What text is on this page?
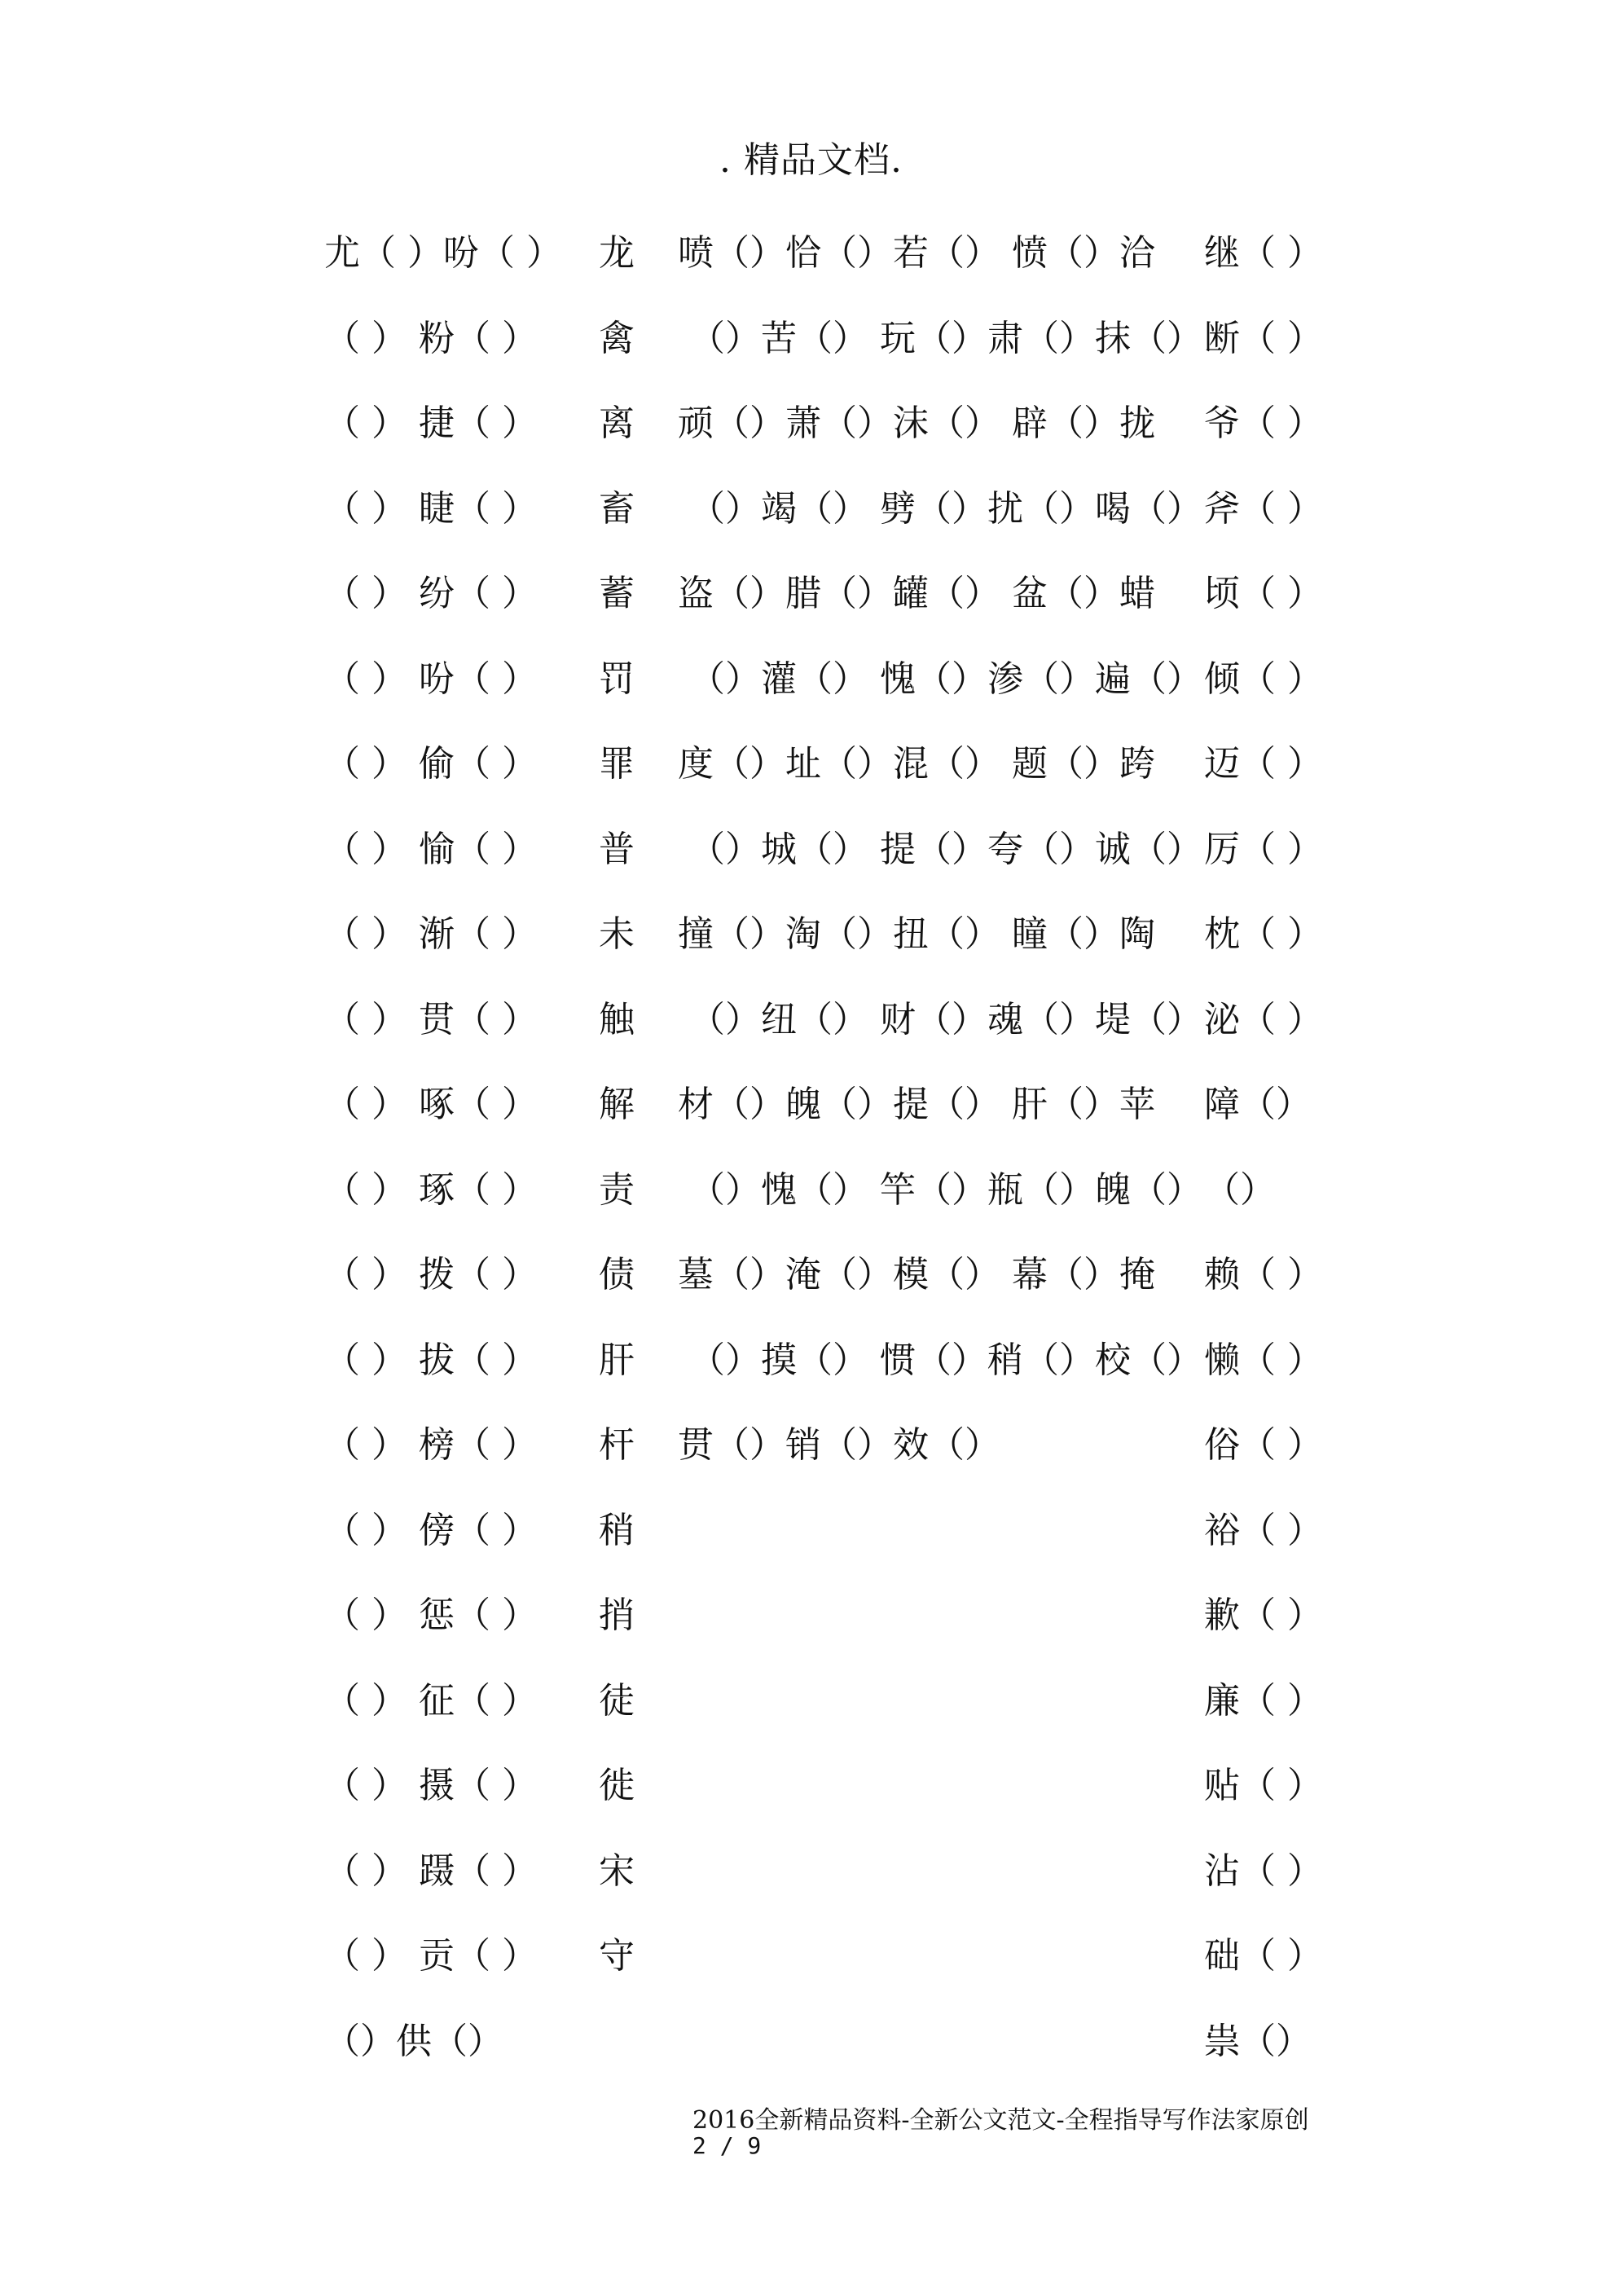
. 精品文档.
尤（ ）吩（ ）
（ ） 粉（ ）
（ ） 捷（ ）
（ ） 睫（ ）
（ ） 纷（ ）
（ ） 吩（ ）
（ ） 偷（ ）
（ ） 愉（ ）
（ ） 渐（ ）
（ ） 贯（ ）
（ ） 啄（ ）
（ ） 琢（ ）
（ ） 拨（ ）
（ ） 拔（ ）
（ ） 榜（ ）
（ ） 傍（ ）
（ ） 惩（ ）
（ ） 征（ ）
（ ） 摄（ ）
（ ） 蹑（ ）
（ ） 贡（ ）
（）供（）
龙
禽
离
畜
蓄
罚
罪
普
未
触
解
责
债
肝
杆
稍
捎
徒
徙
宋
守
喷（）恰（）若（） 愤（）洽
（）苦（） 玩（）肃（）抹（）
顽（）萧（）沫（） 辟（）拢
（）竭（） 劈（）扰（）喝（）
盗（）腊（）罐（） 盆（）蜡
（）灌（） 愧（）渗（）遍（）
度（）址（）混（） 题（）跨
（）城（） 提（）夸（）诚（）
撞（）淘（）扭（） 瞳（）陶
（）纽（） 财（）魂（）堤（）
材（）魄（）提（） 肝（）苹
（）愧（） 竿（）瓶（）魄（）
墓（）淹（）模（） 幕（）掩
（）摸（） 惯（）稍（）校（）
贯（）销（）效（）
继（ ）
断（ ）
爷（ ）
斧（ ）
顷（ ）
倾（ ）
迈（ ）
厉（ ）
枕（ ）
泌（ ）
障（）
（）
赖（ ）
懒（ ）
俗（ ）
裕（ ）
歉（ ）
廉（ ）
贴（ ）
沾（ ）
础（ ）
祟（）
2016全新精品资料-全新公文范文-全程指导写作法家原创
2 / 9
